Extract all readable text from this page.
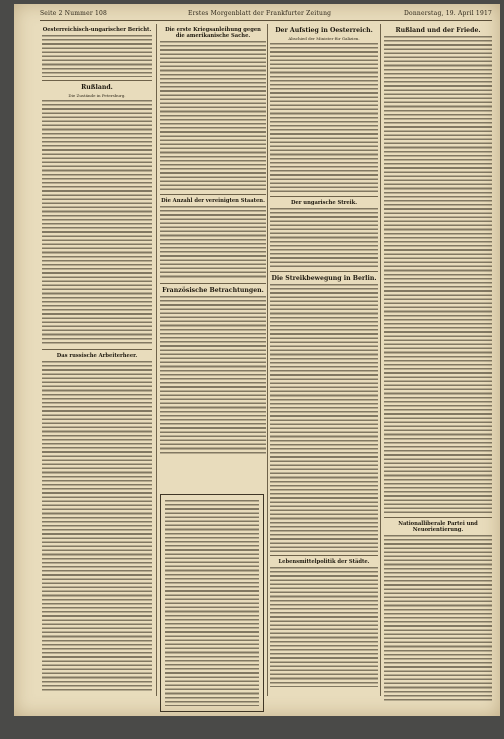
Seite 2 Nummer 108	Erstes Morgenblatt der Frankfurter Zeitung	Donnerstag, 19. April 1917
Oesterreichisch-ungarischer Bericht.
Rußland.
Die Zustände in Petersburg.
Das russische Arbeiterheer.
Die erste Kriegsanleihung gegen die amerikanische Sache.
Die Anzahl der vereinigten Staaten.
Französische Betrachtungen.
Der Aufstieg in Oesterreich.
Abschied der Minister für Galizien.
Der ungarische Streik.
Die Streikbewegung in Berlin.
Lebensmittelpolitik der Städte.
Rußland und der Friede.
Nationalliberale Partei und Neuorientierung.
